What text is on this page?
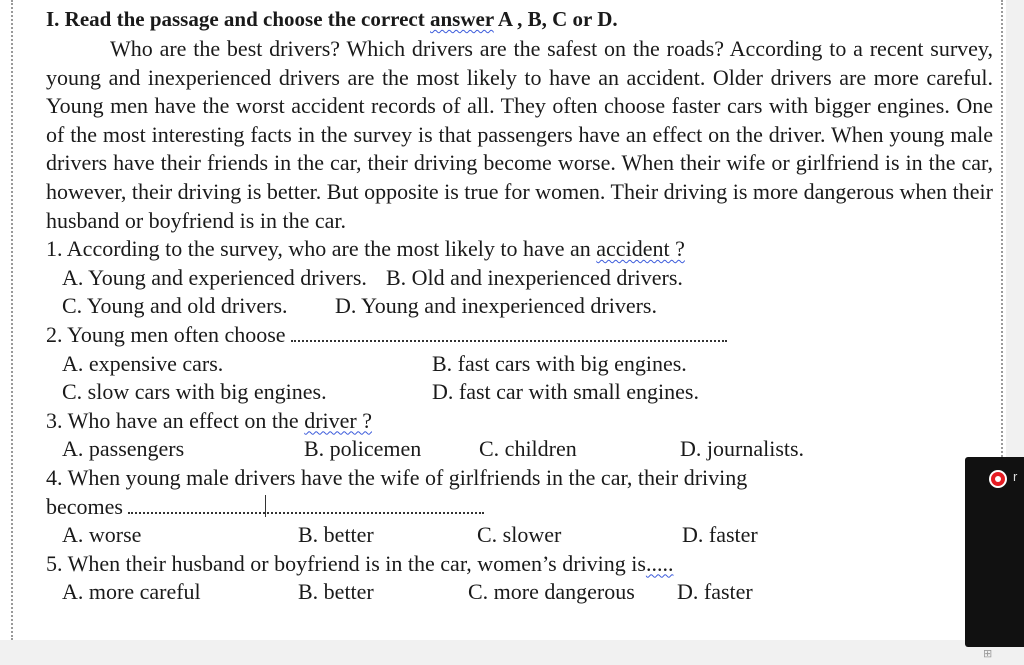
I. Read the passage and choose the correct answer A , B, C or D.

Who are the best drivers? Which drivers are the safest on the roads? According to a recent survey, young and inexperienced drivers are the most likely to have an accident. Older drivers are more careful. Young men have the worst accident records of all. They often choose faster cars with bigger engines. One of the most interesting facts in the survey is that passengers have an effect on the driver. When young male drivers have their friends in the car, their driving become worse. When their wife or girlfriend is in the car, however, their driving is better. But opposite is true for women. Their driving is more dangerous when their husband or boyfriend is in the car.

1. According to the survey, who are the most likely to have an accident ?
A. Young and experienced drivers. B. Old and inexperienced drivers.
C. Young and old drivers. D. Young and inexperienced drivers.
2. Young men often choose
A. expensive cars.	B. fast cars with big engines.
C. slow cars with big engines.	D. fast car with small engines.
3. Who have an effect on the driver ?
A. passengers	B. policemen	C. children	D. journalists.
4. When young male drivers have the wife of girlfriends in the car, their driving
becomes
A. worse	B. better	C. slower	D. faster
5. When their husband or boyfriend is in the car, women’s driving is.....
A. more careful	B. better	C. more dangerous D. faster
r
⊞
